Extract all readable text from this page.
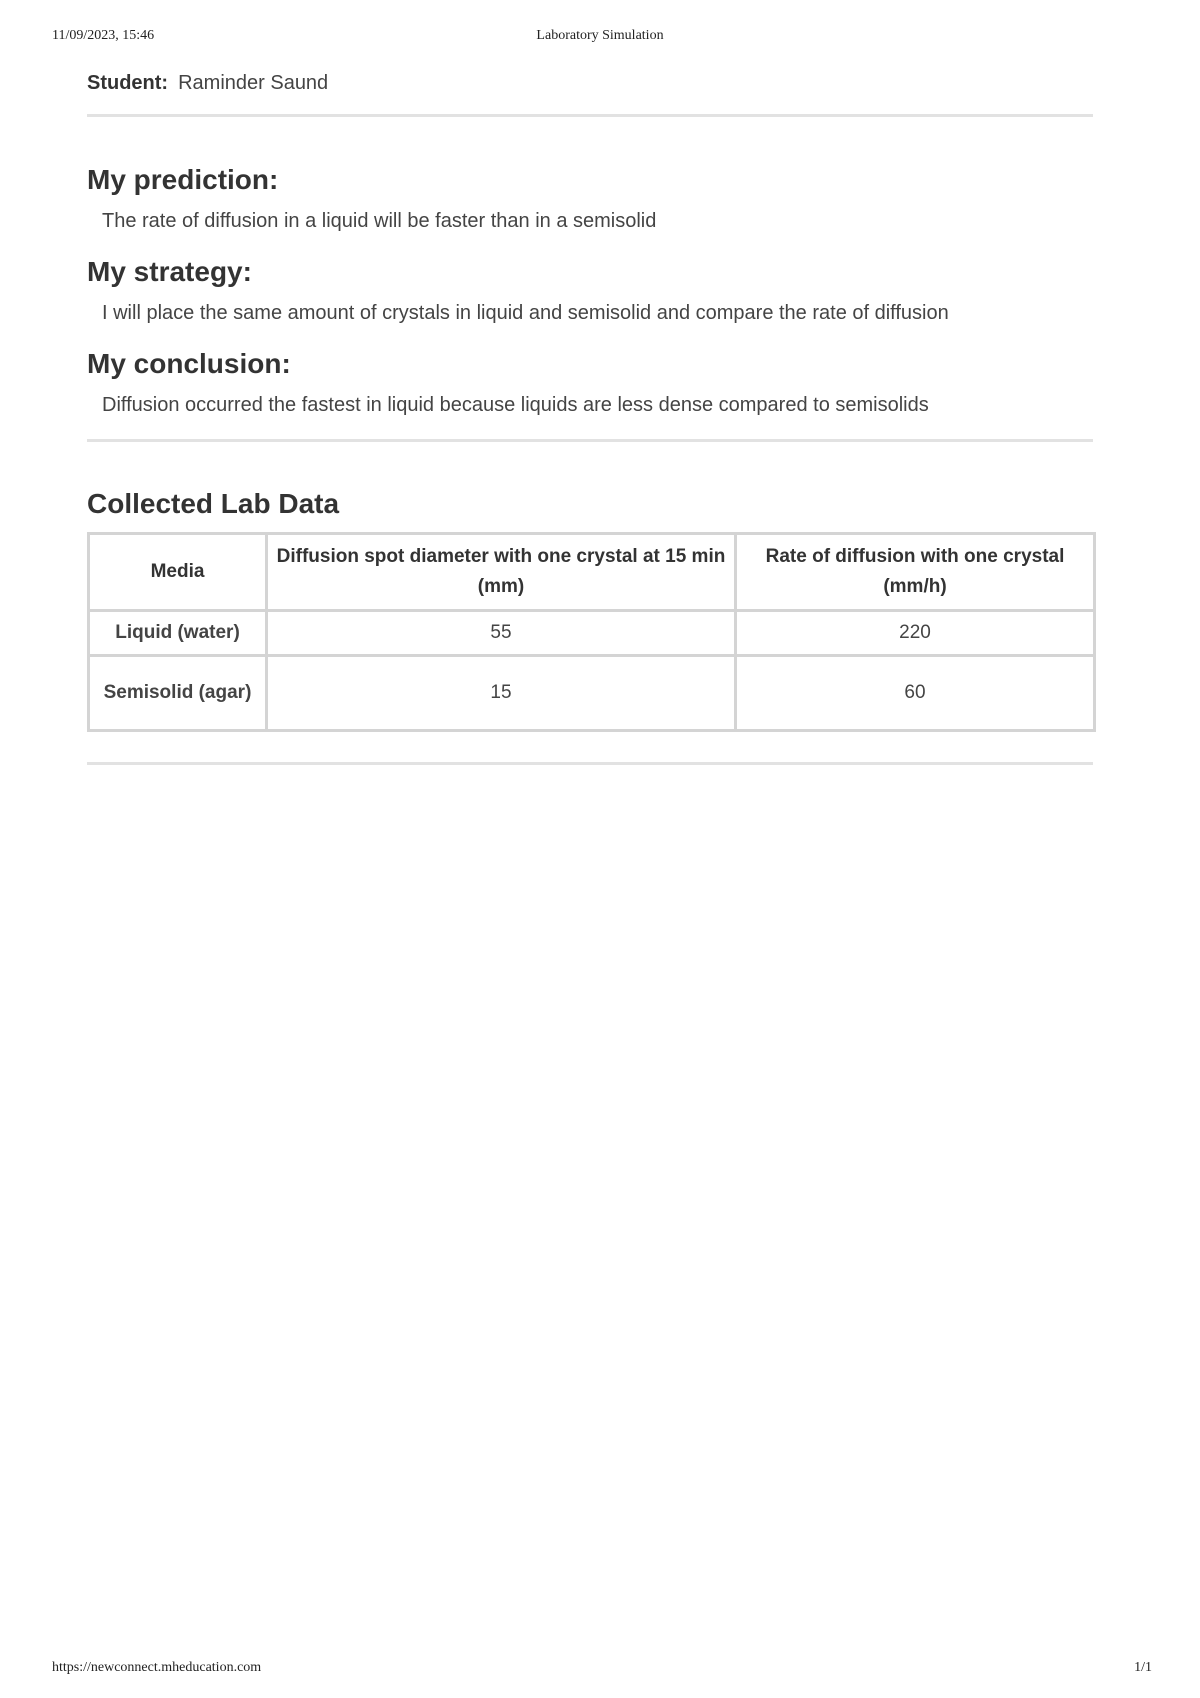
11/09/2023, 15:46	Laboratory Simulation
Student: Raminder Saund
My prediction:

The rate of diffusion in a liquid will be faster than in a semisolid

My strategy:

I will place the same amount of crystals in liquid and semisolid and compare the rate of diffusion

My conclusion:

Diffusion occurred the fastest in liquid because liquids are less dense compared to semisolids

Collected Lab Data
Media	Diffusion spot diameter with one crystal at 15 min (mm)	Rate of diffusion with one crystal (mm/h)
Liquid (water)	55	220
Semisolid (agar)	15	60
https://newconnect.mheducation.com	1/1
